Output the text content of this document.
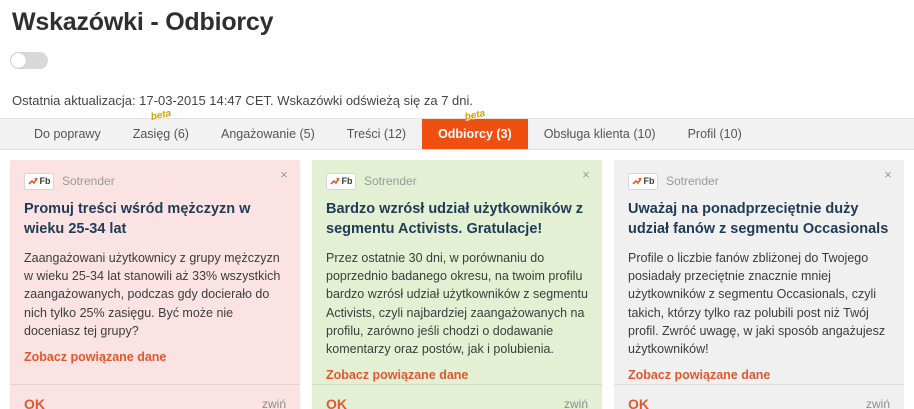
Wskazówki - Odbiorcy
Ostatnia aktualizacja: 17-03-2015 14:47 CET. Wskazówki odświeżą się za 7 dni.
Do poprawy
beta
Zasięg (6)	Angażowanie (5)	Treści (12)
beta
Odbiorcy (3)	Obsługa klienta (10)	Profil (10)
×
Fb Sotrender
Promuj treści wśród mężczyzn w wieku 25-34 lat
Zaangażowani użytkownicy z grupy mężczyzn w wieku 25-34 lat stanowili aż 33% wszystkich zaangażowanych, podczas gdy docierało do nich tylko 25% zasięgu. Być może nie doceniasz tej grupy?
Zobacz powiązane dane
OK	zwiń
×
Fb Sotrender
Bardzo wzrósł udział użytkowników z segmentu Activists. Gratulacje!
Przez ostatnie 30 dni, w porównaniu do poprzednio badanego okresu, na twoim profilu bardzo wzrósł udział użytkowników z segmentu Activists, czyli najbardziej zaangażowanych na profilu, zarówno jeśli chodzi o dodawanie komentarzy oraz postów, jak i polubienia.
Zobacz powiązane dane
OK	zwiń
×
Fb Sotrender
Uważaj na ponadprzeciętnie duży udział fanów z segmentu Occasionals
Profile o liczbie fanów zbliżonej do Twojego posiadały przeciętnie znacznie mniej użytkowników z segmentu Occasionals, czyli takich, którzy tylko raz polubili post niż Twój profil. Zwróć uwagę, w jaki sposób angażujesz użytkowników!
Zobacz powiązane dane
OK	zwiń
